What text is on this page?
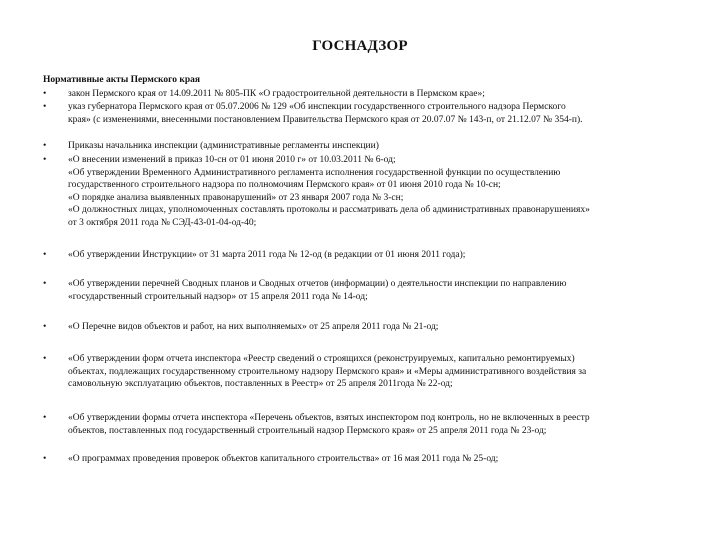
ГОСНАДЗОР
Нормативные акты Пермского края
•	закон Пермского края от 14.09.2011 № 805-ПК «О градостроительной деятельности в Пермском крае»;
•	указ губернатора Пермского края от 05.07.2006 № 129 «Об инспекции государственного строительного надзора Пермского
края» (с изменениями, внесенными постановлением Правительства Пермского края от 20.07.07 № 143-п, от 21.12.07 № 354-п).
•	Приказы начальника инспекции (административные регламенты инспекции)
•	«О внесении изменений в приказ 10-сн от 01 июня 2010 г» от 10.03.2011 № 6-од;
«Об утверждении Временного Административного регламента исполнения государственной функции по осуществлению
государственного строительного надзора по полномочиям Пермского края» от 01 июня 2010 года № 10-сн;
«О порядке анализа выявленных правонарушений» от 23 января 2007 года № 3-сн;
«О должностных лицах, уполномоченных составлять протоколы и рассматривать дела об административных правонарушениях»
от 3 октября 2011 года № СЭД-43-01-04-од-40;
•	«Об утверждении Инструкции» от 31 марта 2011 года № 12-од (в редакции от 01 июня 2011 года);
•	«Об утверждении перечней Сводных планов и Сводных отчетов (информации) о деятельности инспекции по направлению
«государственный строительный надзор» от 15 апреля 2011 года № 14-од;
•	«О Перечне видов объектов и работ, на них выполняемых» от 25 апреля 2011 года № 21-од;
•	«Об утверждении форм отчета инспектора «Реестр сведений о строящихся (реконструируемых, капитально ремонтируемых)
объектах, подлежащих государственному строительному надзору Пермского края» и «Меры административного воздействия за
самовольную эксплуатацию объектов, поставленных в Реестр» от 25 апреля 2011года № 22-од;
•	«Об утверждении формы отчета инспектора «Перечень объектов, взятых инспектором под контроль, но не включенных в реестр
объектов, поставленных под государственный строительный надзор Пермского края» от 25 апреля 2011 года № 23-од;
•	«О программах проведения проверок объектов капитального строительства» от 16 мая 2011 года № 25-од;
